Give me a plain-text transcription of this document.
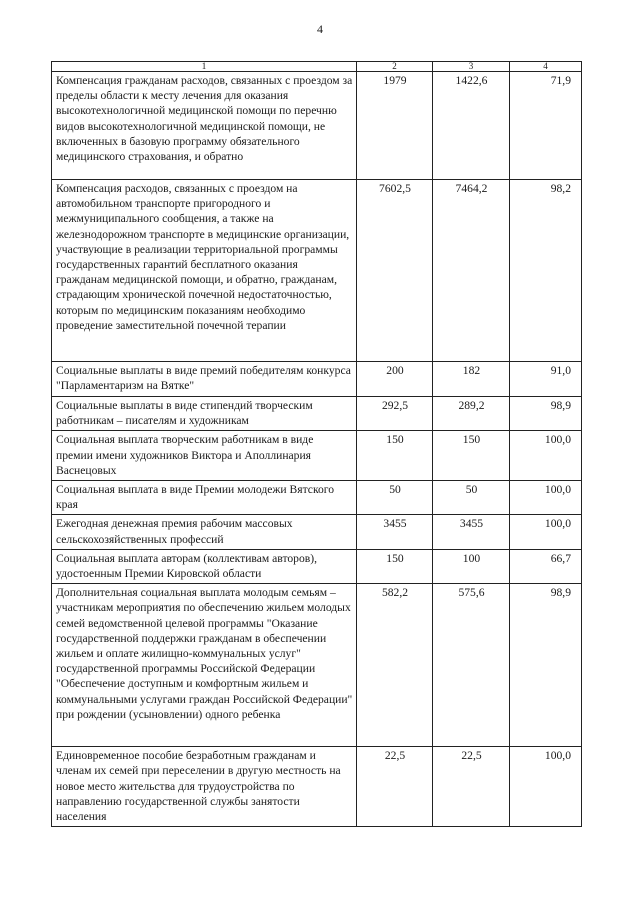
4
1	2	3	4
Компенсация гражданам расходов, связанных с проездом за пределы области к месту лечения для оказания высокотехнологичной медицинской помощи по перечню видов высокотехнологичной медицинской помощи, не включенных в базовую программу обязательного медицинского страхования, и обратно	1979	1422,6	71,9
Компенсация расходов, связанных с проездом на автомобильном транспорте пригородного и межмуниципального сообщения, а также на железнодорожном транспорте в медицинские организации, участвующие в реализации территориальной программы государственных гарантий бесплатного оказания гражданам медицинской помощи, и обратно, гражданам, страдающим хронической почечной недостаточностью, которым по медицинским показаниям необходимо проведение заместительной почечной терапии	7602,5	7464,2	98,2
Социальные выплаты в виде премий победителям конкурса "Парламентаризм на Вятке"	200	182	91,0
Социальные выплаты в виде стипендий творческим работникам – писателям и художникам	292,5	289,2	98,9
Социальная выплата творческим работникам в виде премии имени художников Виктора и Аполлинария Васнецовых	150	150	100,0
Социальная выплата в виде Премии молодежи Вятского края	50	50	100,0
Ежегодная денежная премия рабочим массовых сельскохозяйственных профессий	3455	3455	100,0
Социальная выплата авторам (коллективам авторов), удостоенным Премии Кировской области	150	100	66,7
Дополнительная социальная выплата молодым семьям – участникам мероприятия по обеспечению жильем молодых семей ведомственной целевой программы "Оказание государственной поддержки гражданам в обеспечении жильем и оплате жилищно-коммунальных услуг" государственной программы Российской Федерации "Обеспечение доступным и комфортным жильем и коммунальными услугами граждан Российской Федерации" при рождении (усыновлении) одного ребенка	582,2	575,6	98,9
Единовременное пособие безработным гражданам и членам их семей при переселении в другую местность на новое место жительства для трудоустройства по направлению государственной службы занятости населения	22,5	22,5	100,0
